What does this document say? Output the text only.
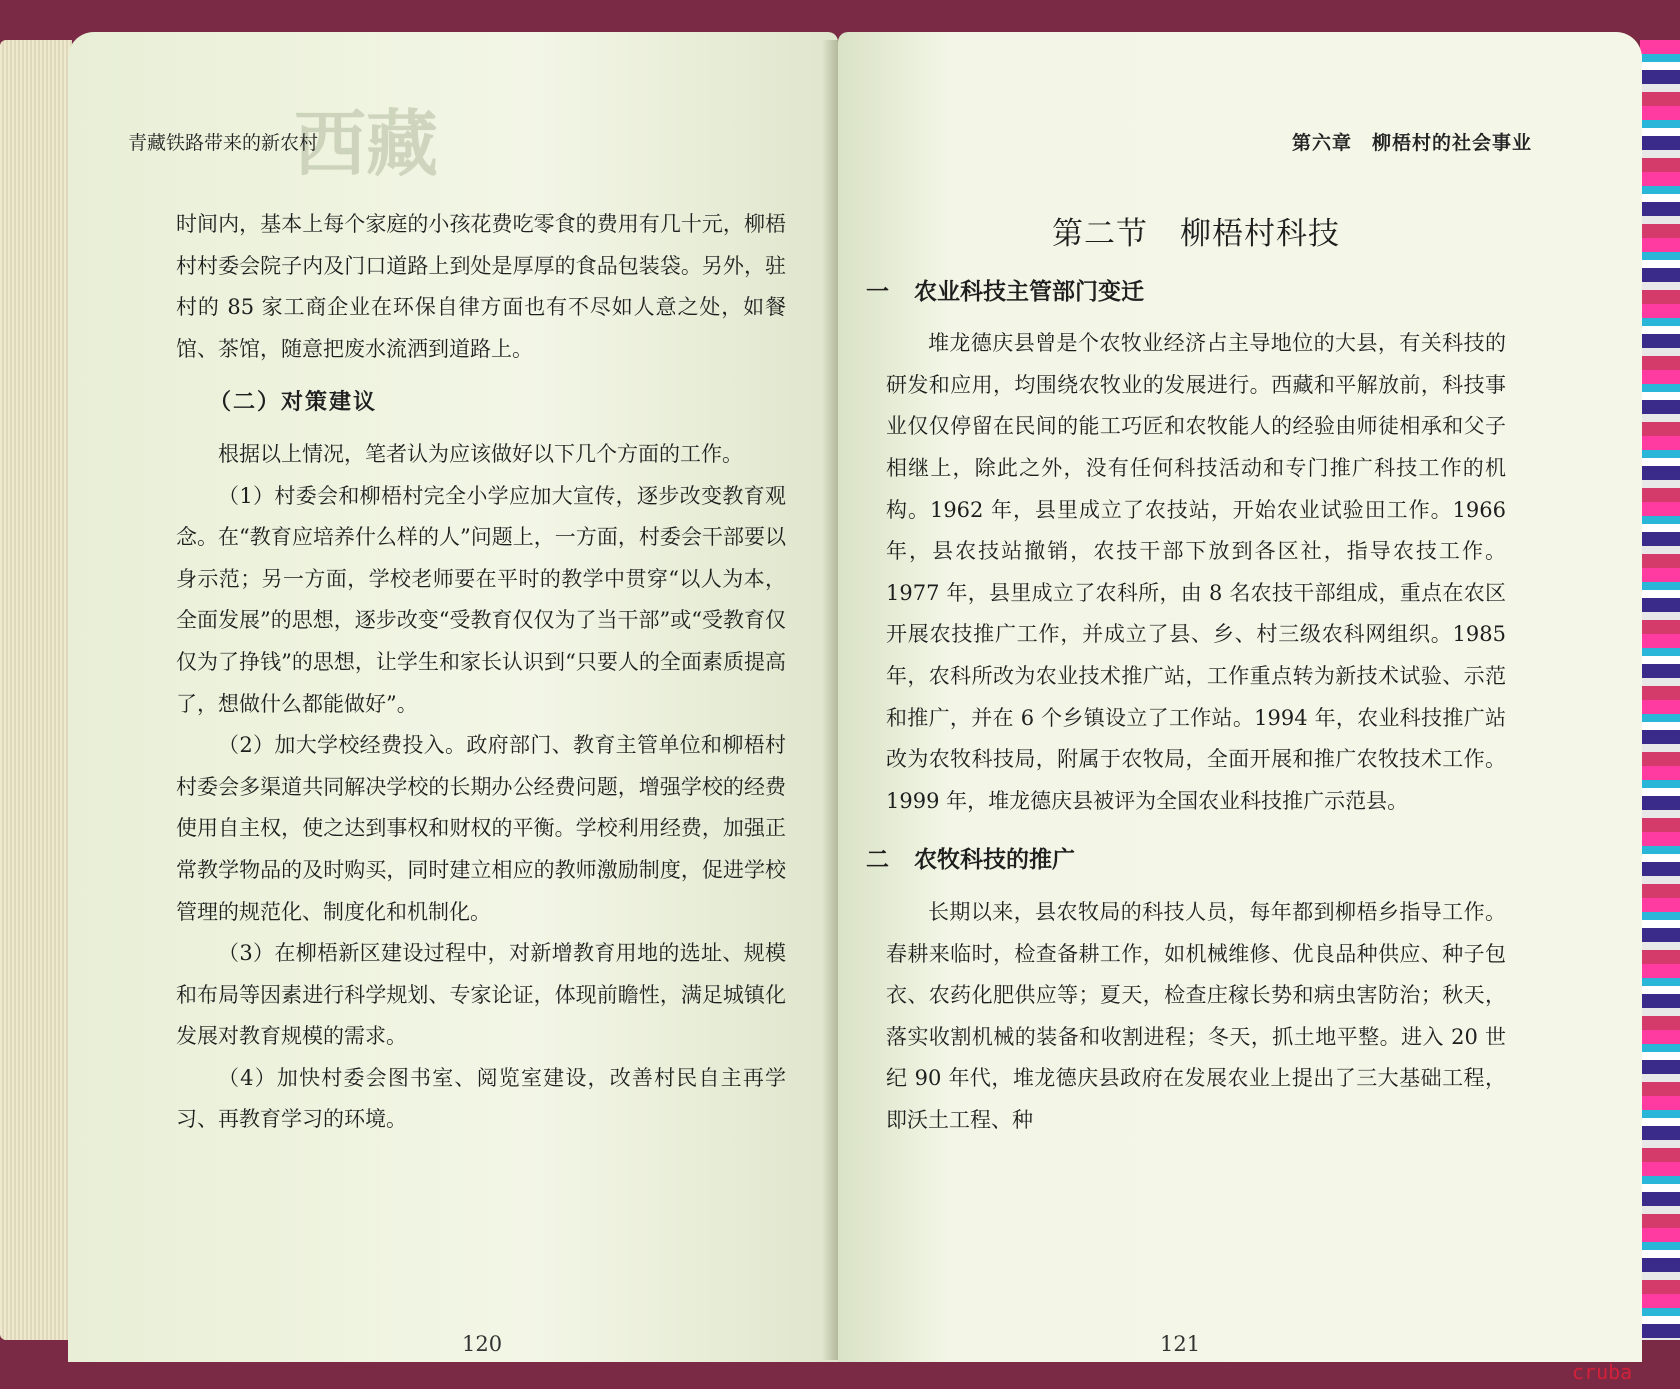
西藏
青藏铁路带来的新农村

时间内，基本上每个家庭的小孩花费吃零食的费用有几十元，柳梧村村委会院子内及门口道路上到处是厚厚的食品包装袋。另外，驻村的 85 家工商企业在环保自律方面也有不尽如人意之处，如餐馆、茶馆，随意把废水流洒到道路上。

（二）对策建议

根据以上情况，笔者认为应该做好以下几个方面的工作。

（1）村委会和柳梧村完全小学应加大宣传，逐步改变教育观念。在“教育应培养什么样的人”问题上，一方面，村委会干部要以身示范；另一方面，学校老师要在平时的教学中贯穿“以人为本，全面发展”的思想，逐步改变“受教育仅仅为了当干部”或“受教育仅仅为了挣钱”的思想，让学生和家长认识到“只要人的全面素质提高了，想做什么都能做好”。

（2）加大学校经费投入。政府部门、教育主管单位和柳梧村村委会多渠道共同解决学校的长期办公经费问题，增强学校的经费使用自主权，使之达到事权和财权的平衡。学校利用经费，加强正常教学物品的及时购买，同时建立相应的教师激励制度，促进学校管理的规范化、制度化和机制化。

（3）在柳梧新区建设过程中，对新增教育用地的选址、规模和布局等因素进行科学规划、专家论证，体现前瞻性，满足城镇化发展对教育规模的需求。

（4）加快村委会图书室、阅览室建设，改善村民自主再学习、再教育学习的环境。

120
第六章　柳梧村的社会事业
第二节　柳梧村科技
一 农业科技主管部门变迁

堆龙德庆县曾是个农牧业经济占主导地位的大县，有关科技的研发和应用，均围绕农牧业的发展进行。西藏和平解放前，科技事业仅仅停留在民间的能工巧匠和农牧能人的经验由师徒相承和父子相继上，除此之外，没有任何科技活动和专门推广科技工作的机构。1962 年，县里成立了农技站，开始农业试验田工作。1966 年，县农技站撤销，农技干部下放到各区社，指导农技工作。1977 年，县里成立了农科所，由 8 名农技干部组成，重点在农区开展农技推广工作，并成立了县、乡、村三级农科网组织。1985 年，农科所改为农业技术推广站，工作重点转为新技术试验、示范和推广，并在 6 个乡镇设立了工作站。1994 年，农业科技推广站改为农牧科技局，附属于农牧局，全面开展和推广农牧技术工作。1999 年，堆龙德庆县被评为全国农业科技推广示范县。

二 农牧科技的推广

长期以来，县农牧局的科技人员，每年都到柳梧乡指导工作。春耕来临时，检查备耕工作，如机械维修、优良品种供应、种子包衣、农药化肥供应等；夏天，检查庄稼长势和病虫害防治；秋天，落实收割机械的装备和收割进程；冬天，抓土地平整。进入 20 世纪 90 年代，堆龙德庆县政府在发展农业上提出了三大基础工程，即沃土工程、种

121
cruba
